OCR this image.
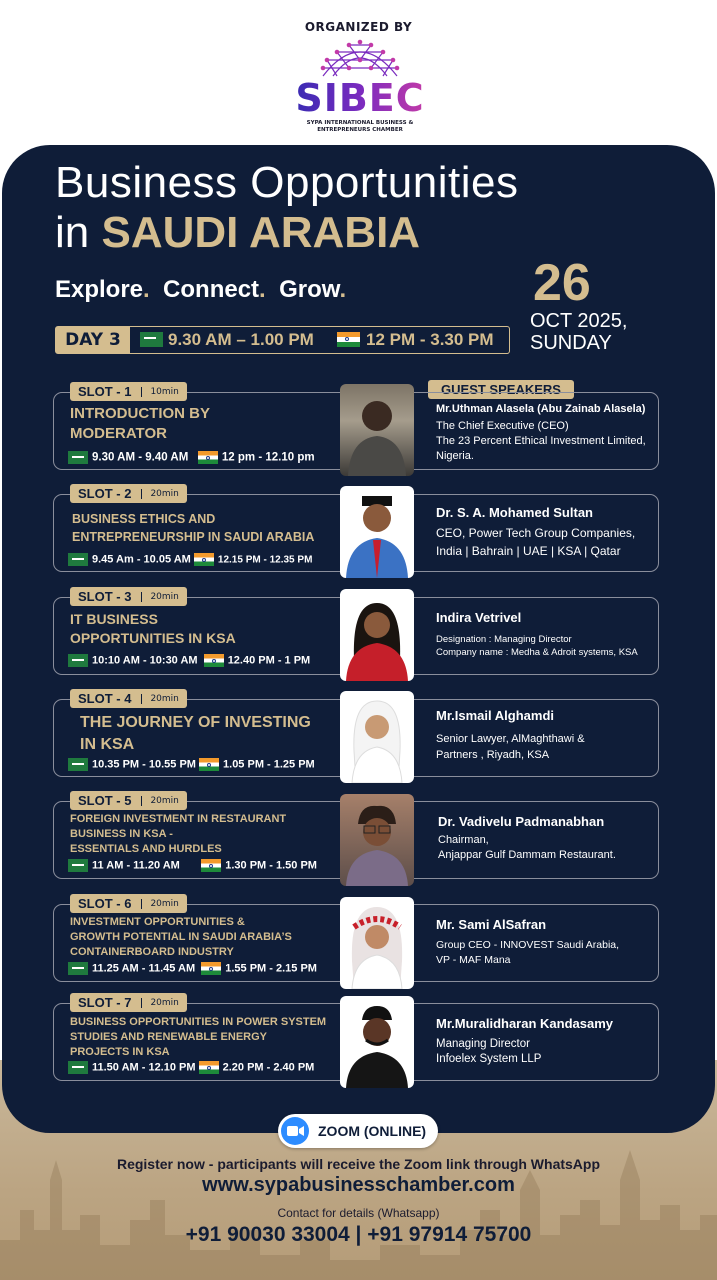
ORGANIZED BY
SIBEC
SYPA INTERNATIONAL BUSINESS &
ENTREPRENEURS CHAMBER
Business Opportunities
in SAUDI ARABIA
Explore. Connect. Grow.	26
OCT 2025,
SUNDAY
DAY 3	9.30 AM – 1.00 PM	12 PM - 3.30 PM
GUEST SPEAKERS
SLOT - 1	10min
INTRODUCTION BY
MODERATOR
9.30 AM - 9.40 AM	12 pm - 12.10 pm
Mr.Uthman Alasela (Abu Zainab Alasela)
The Chief Executive (CEO)
The 23 Percent Ethical Investment Limited,
Nigeria.
SLOT - 2	20min
BUSINESS ETHICS AND
ENTREPRENEURSHIP IN SAUDI ARABIA
9.45 Am - 10.05 AM	12.15 PM - 12.35 PM
Dr. S. A. Mohamed Sultan
CEO, Power Tech Group Companies,
India | Bahrain | UAE | KSA | Qatar
SLOT - 3	20min
IT BUSINESS
OPPORTUNITIES IN KSA
10:10 AM - 10:30 AM	12.40 PM - 1 PM
Indira Vetrivel
Designation : Managing Director
Company name : Medha & Adroit systems, KSA
SLOT - 4	20min
THE JOURNEY OF INVESTING
IN KSA
10.35 PM - 10.55 PM 1.05 PM - 1.25 PM
Mr.Ismail Alghamdi
Senior Lawyer, AlMaghthawi &
Partners , Riyadh, KSA
SLOT - 5	20min
FOREIGN INVESTMENT IN RESTAURANT
BUSINESS IN KSA -
ESSENTIALS AND HURDLES
11 AM - 11.20 AM	1.30 PM - 1.50 PM
Dr. Vadivelu Padmanabhan
Chairman,
Anjappar Gulf Dammam Restaurant.
SLOT - 6	20min
INVESTMENT OPPORTUNITIES &
GROWTH POTENTIAL IN SAUDI ARABIA’S
CONTAINERBOARD INDUSTRY
11.25 AM - 11.45 AM	1.55 PM - 2.15 PM
Mr. Sami AlSafran
Group CEO - INNOVEST Saudi Arabia,
VP - MAF Mana
SLOT - 7	20min
BUSINESS OPPORTUNITIES IN POWER SYSTEM
STUDIES AND RENEWABLE ENERGY
PROJECTS IN KSA
11.50 AM - 12.10 PM 2.20 PM - 2.40 PM
Mr.Muralidharan Kandasamy
Managing Director
Infoelex System LLP
ZOOM (ONLINE)
Register now - participants will receive the Zoom link through WhatsApp
www.sypabusinesschamber.com
Contact for details (Whatsapp)
+91 90030 33004 | +91 97914 75700
